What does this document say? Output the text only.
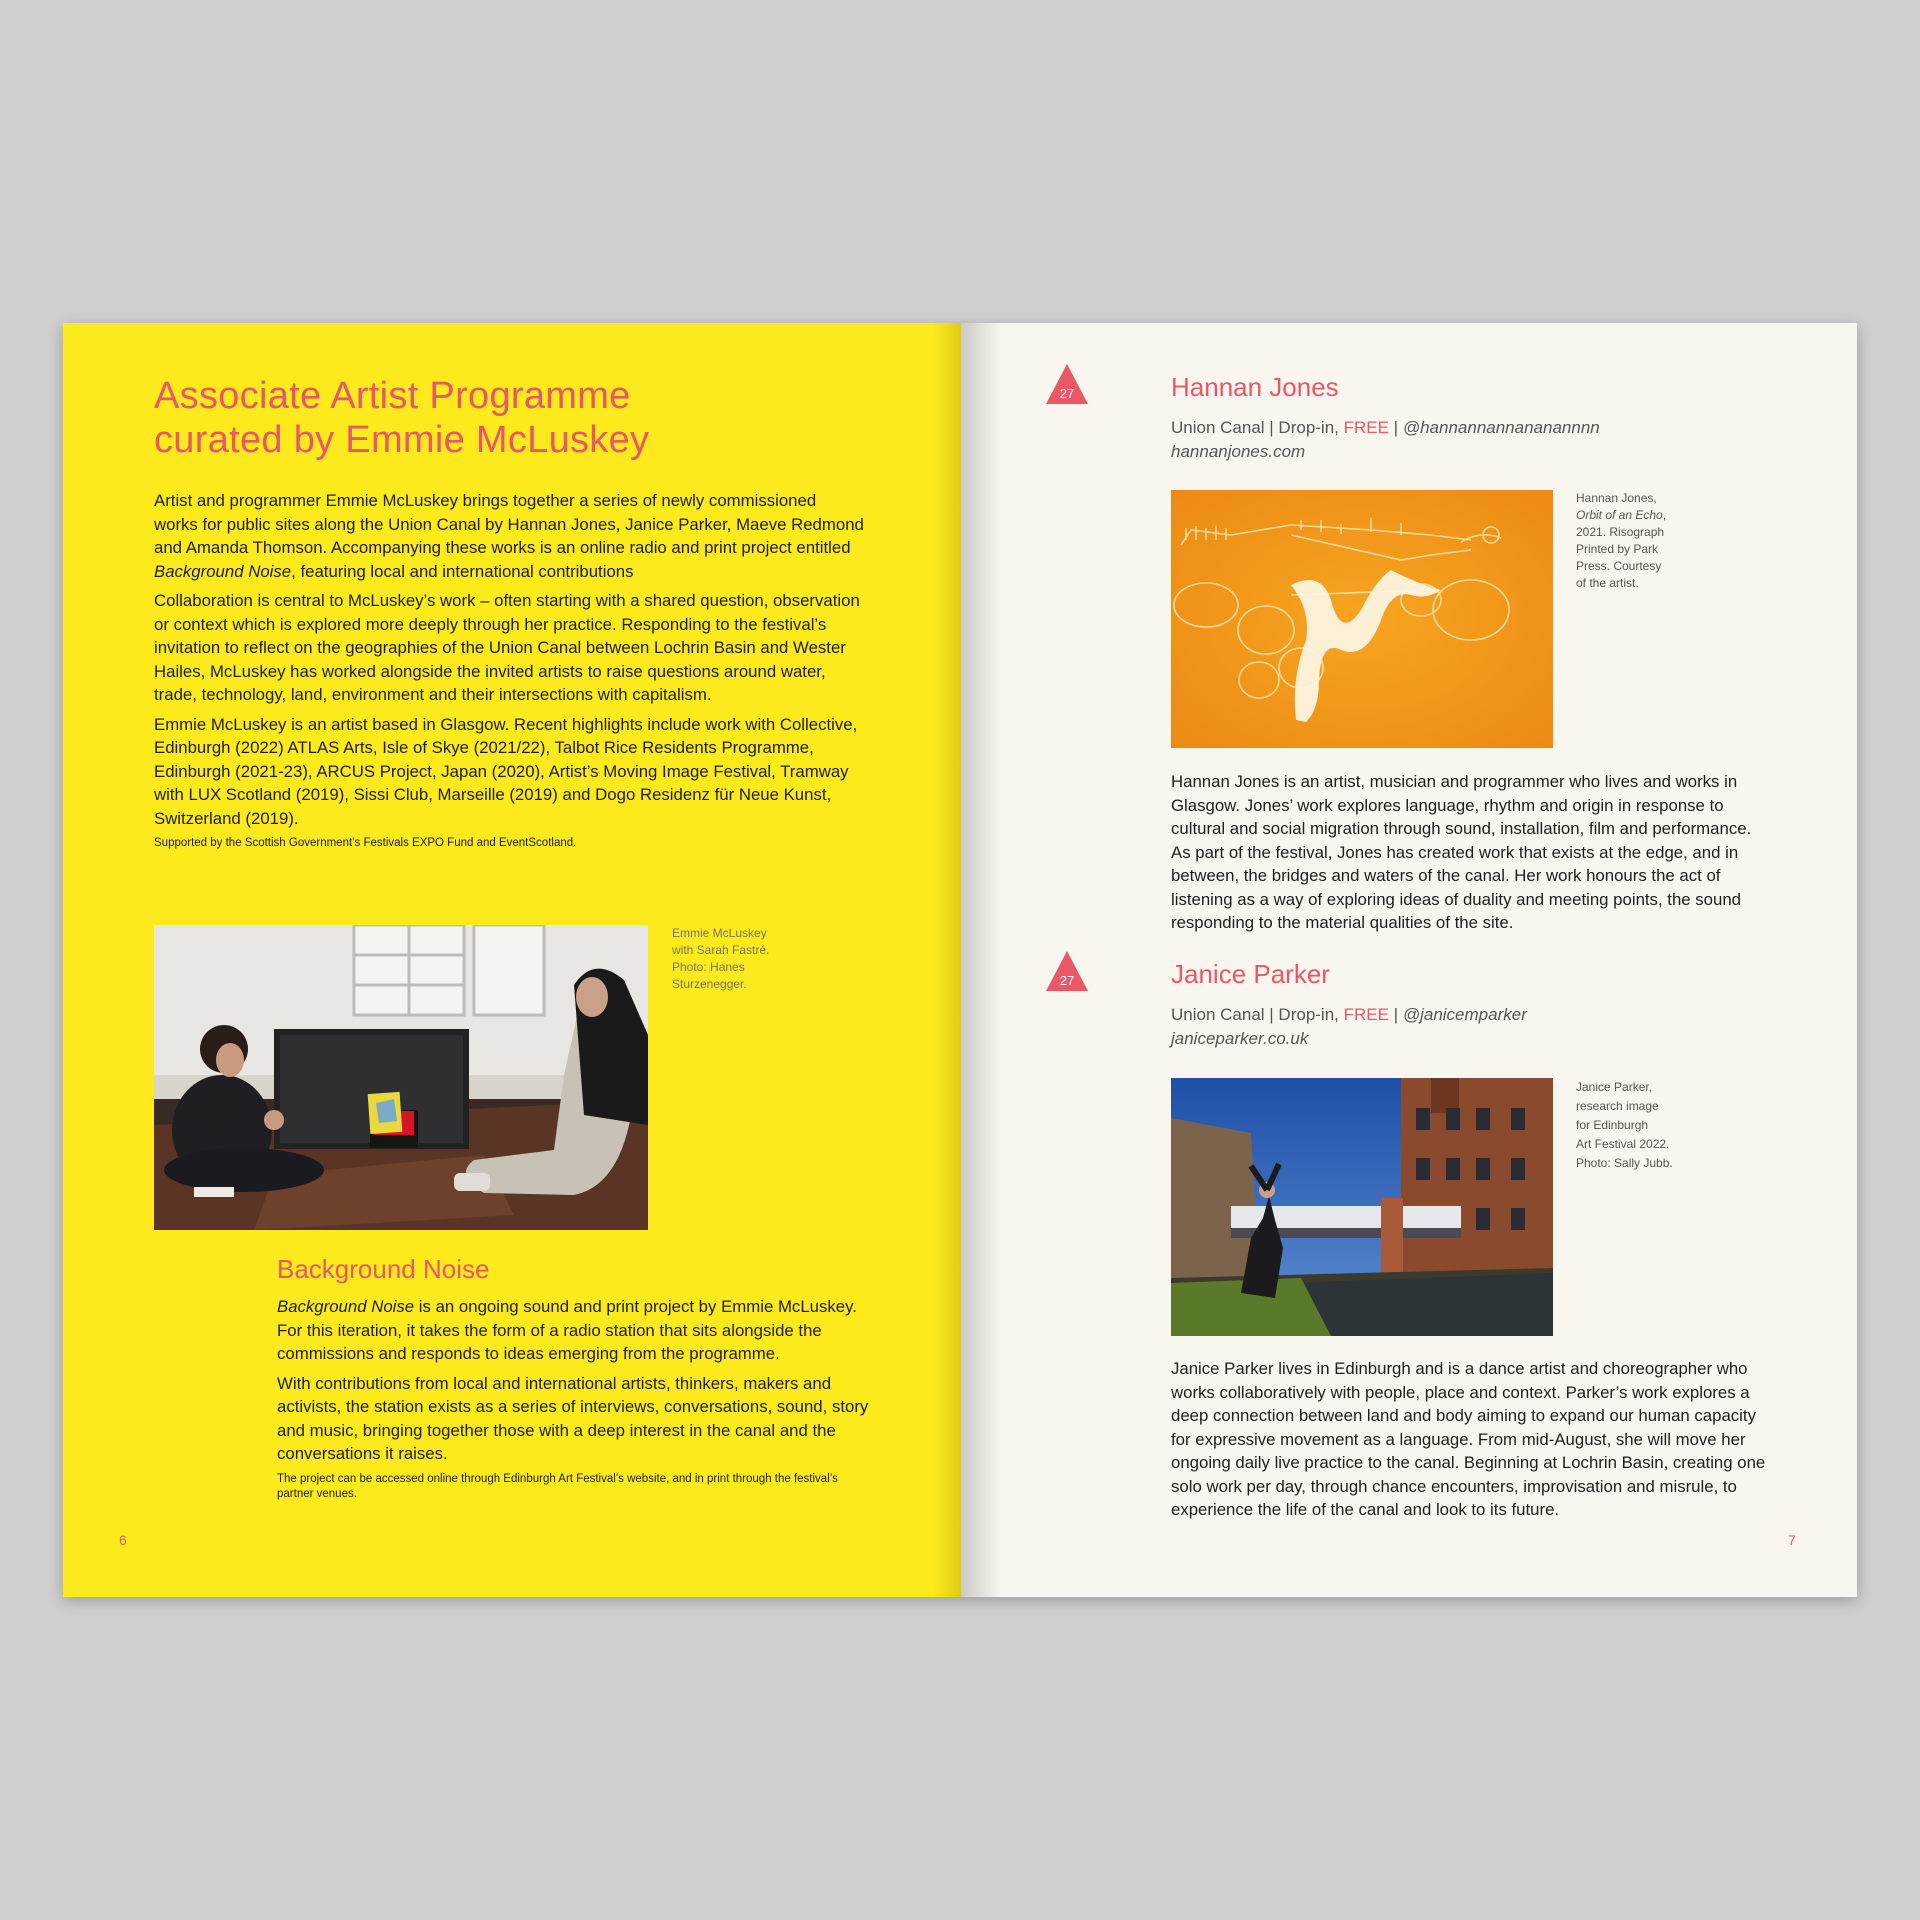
Associate Artist Programme
curated by Emmie McLuskey

Artist and programmer Emmie McLuskey brings together a series of newly commissioned works for public sites along the Union Canal by Hannan Jones, Janice Parker, Maeve Redmond and Amanda Thomson. Accompanying these works is an online radio and print project entitled Background Noise, featuring local and international contributions

Collaboration is central to McLuskey’s work – often starting with a shared question, observation or context which is explored more deeply through her practice. Responding to the festival’s invitation to reflect on the geographies of the Union Canal between Lochrin Basin and Wester Hailes, McLuskey has worked alongside the invited artists to raise questions around water, trade, technology, land, environment and their intersections with capitalism.

Emmie McLuskey is an artist based in Glasgow. Recent highlights include work with Collective, Edinburgh (2022) ATLAS Arts, Isle of Skye (2021/22), Talbot Rice Residents Programme, Edinburgh (2021-23), ARCUS Project, Japan (2020), Artist’s Moving Image Festival, Tramway with LUX Scotland (2019), Sissi Club, Marseille (2019) and Dogo Residenz für Neue Kunst, Switzerland (2019).

Supported by the Scottish Government’s Festivals EXPO Fund and EventScotland.
Emmie McLuskey
with Sarah Fastré.
Photo: Hanes
Sturzenegger.
Background Noise

Background Noise is an ongoing sound and print project by Emmie McLuskey. For this iteration, it takes the form of a radio station that sits alongside the commissions and responds to ideas emerging from the programme.

With contributions from local and international artists, thinkers, makers and activists, the station exists as a series of interviews, conversations, sound, story and music, bringing together those with a deep interest in the canal and the conversations it raises.

The project can be accessed online through Edinburgh Art Festival’s website, and in print through the festival’s partner venues.
6
27	Hannan Jones
Union Canal | Drop-in, FREE | @hannannannananannnn
hannanjones.com
Hannan Jones,
Orbit of an Echo,
2021. Risograph
Printed by Park
Press. Courtesy
of the artist.
Hannan Jones is an artist, musician and programmer who lives and works in Glasgow. Jones’ work explores language, rhythm and origin in response to cultural and social migration through sound, installation, film and performance. As part of the festival, Jones has created work that exists at the edge, and in between, the bridges and waters of the canal. Her work honours the act of listening as a way of exploring ideas of duality and meeting points, the sound responding to the material qualities of the site.
27	Janice Parker
Union Canal | Drop-in, FREE | @janicemparker
janiceparker.co.uk
Janice Parker,
research image
for Edinburgh
Art Festival 2022.
Photo: Sally Jubb.
Janice Parker lives in Edinburgh and is a dance artist and choreographer who works collaboratively with people, place and context. Parker’s work explores a deep connection between land and body aiming to expand our human capacity for expressive movement as a language. From mid-August, she will move her ongoing daily live practice to the canal. Beginning at Lochrin Basin, creating one solo work per day, through chance encounters, improvisation and misrule, to experience the life of the canal and look to its future.
7
